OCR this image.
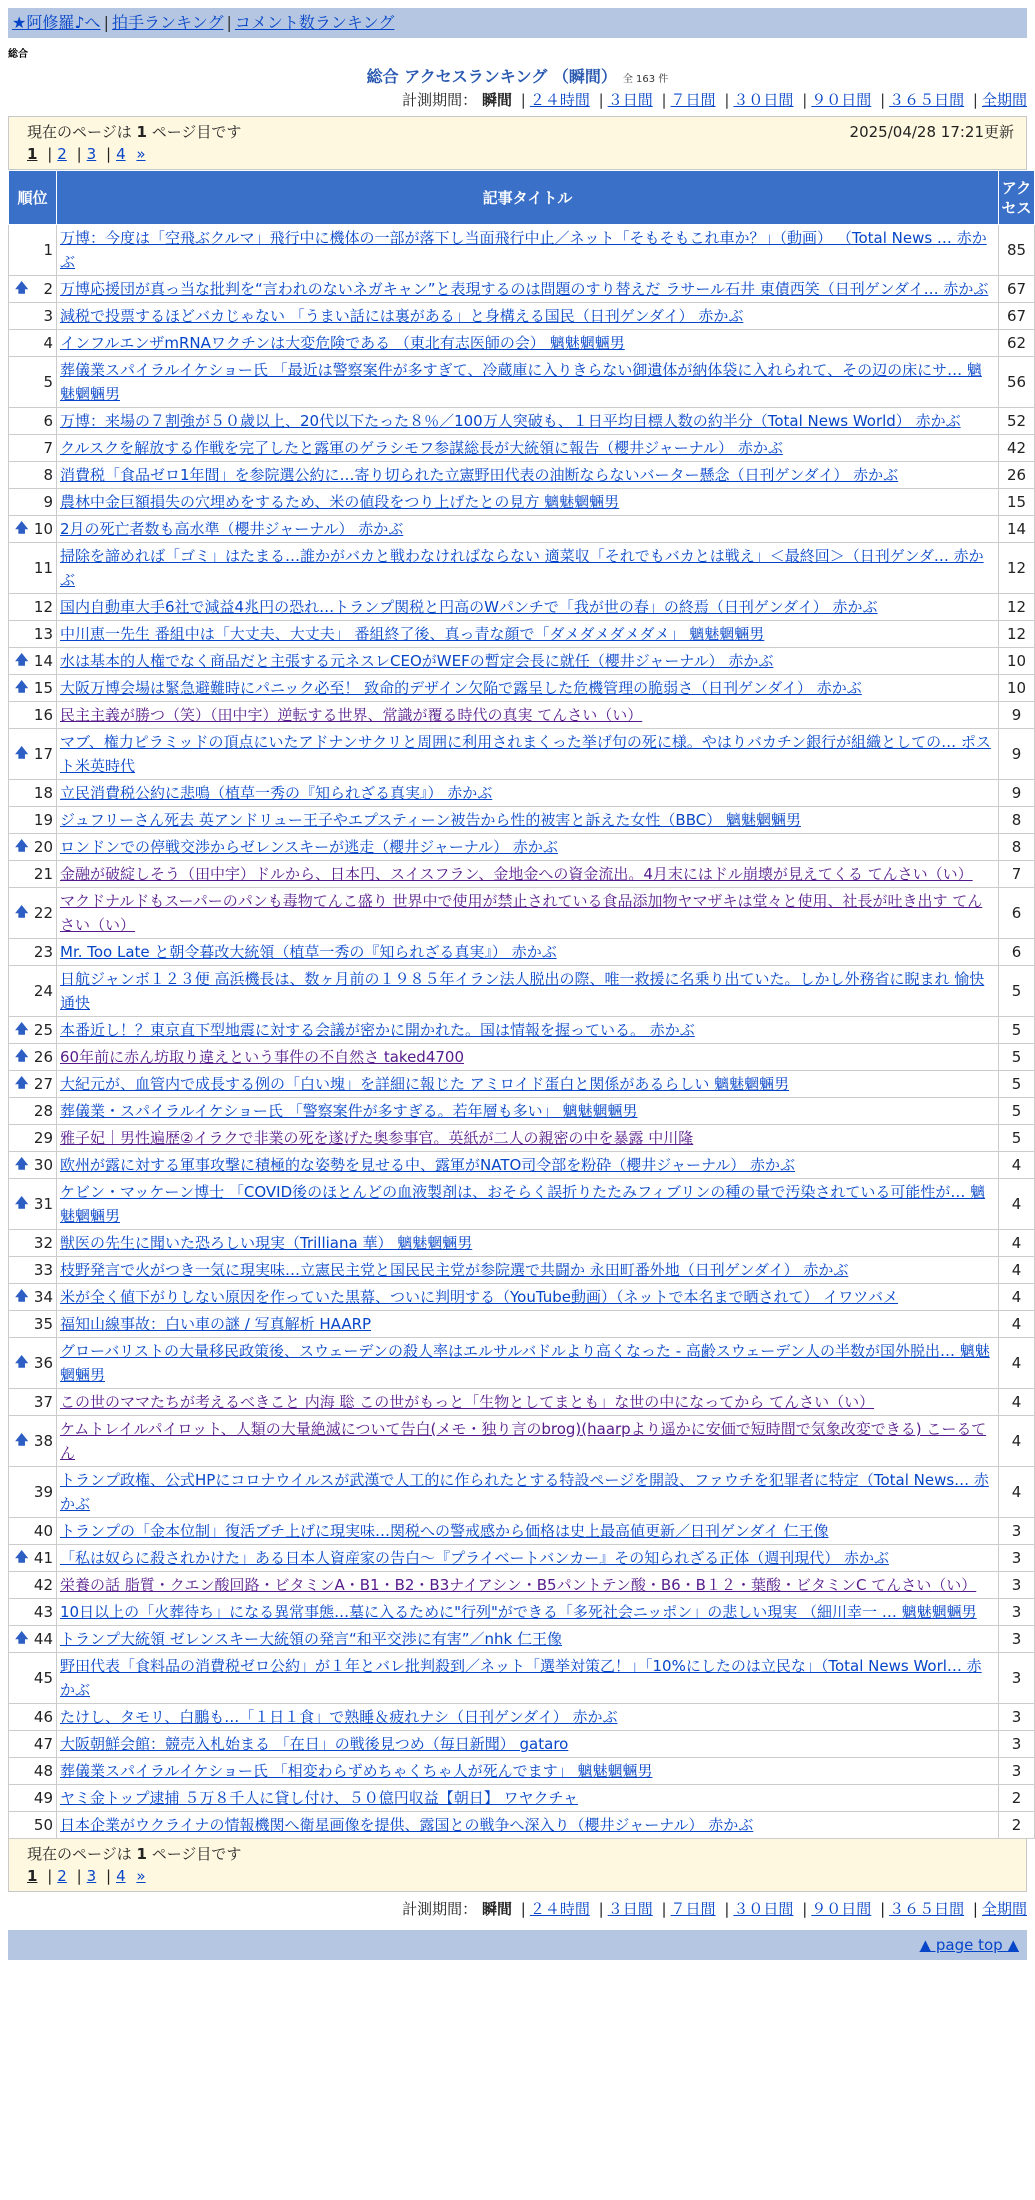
★阿修羅♪へ | 拍手ランキング | コメント数ランキング
総合
総合 アクセスランキング （瞬間） 全 163 件
計測期間： 瞬間 | ２４時間 | ３日間 | ７日間 | ３０日間 | ９０日間 | ３６５日間 | 全期間
現在のページは 1 ページ目です	2025/04/28 17:21更新
1 | 2 | 3 | 4 »
順位	記事タイトル	アクセス
1	万博：今度は「空飛ぶクルマ」飛行中に機体の一部が落下し当面飛行中止／ネット「そもそもこれ車か？」（動画） （Total News … 赤かぶ	85

🡅 2	万博応援団が真っ当な批判を“言われのないネガキャン”と表現するのは問題のすり替えだ ラサール石井 東債西笑（日刊ゲンダイ… 赤かぶ	67
3	減税で投票するほどバカじゃない 「うまい話には裏がある」と身構える国民（日刊ゲンダイ） 赤かぶ	67
4	インフルエンザmRNAワクチンは大変危険である （東北有志医師の会） 魑魅魍魎男	62
5	葬儀業スパイラルイケショー氏 「最近は警察案件が多すぎて、冷蔵庫に入りきらない御遺体が納体袋に入れられて、その辺の床にサ… 魑魅魍魎男	56
6	万博：来場の７割強が５０歳以上、20代以下たった８％／100万人突破も、１日平均目標人数の約半分（Total News World） 赤かぶ	52
7	クルスクを解放する作戦を完了したと露軍のゲラシモフ参謀総長が大統領に報告（櫻井ジャーナル） 赤かぶ	42
8	消費税「食品ゼロ1年間」を参院選公約に…寄り切られた立憲野田代表の油断ならないバーター懸念（日刊ゲンダイ） 赤かぶ	26
9	農林中金巨額損失の穴埋めをするため、米の値段をつり上げたとの見方 魑魅魍魎男	15

🡅 10	2月の死亡者数も高水準（櫻井ジャーナル） 赤かぶ	14
11	掃除を諦めれば「ゴミ」はたまる…誰かがバカと戦わなければならない 適菜収「それでもバカとは戦え」＜最終回＞（日刊ゲンダ… 赤かぶ	12
12	国内自動車大手6社で減益4兆円の恐れ…トランプ関税と円高のWパンチで「我が世の春」の終焉（日刊ゲンダイ） 赤かぶ	12
13	中川恵一先生 番組中は「大丈夫、大丈夫」 番組終了後、真っ青な顔で「ダメダメダメダメ」 魑魅魍魎男	12

🡅 14	水は基本的人権でなく商品だと主張する元ネスレCEOがWEFの暫定会長に就任（櫻井ジャーナル） 赤かぶ	10

🡅 15	大阪万博会場は緊急避難時にパニック必至！ 致命的デザイン欠陥で露呈した危機管理の脆弱さ（日刊ゲンダイ） 赤かぶ	10
16	民主主義が勝つ（笑）（田中宇）逆転する世界、常識が覆る時代の真実 てんさい（い）	9

🡅 17	マブ、権力ピラミッドの頂点にいたアドナンサクリと周囲に利用されまくった挙げ句の死に様。やはりバカチン銀行が組織としての… ポスト米英時代	9
18	立民消費税公約に悲鳴（植草一秀の『知られざる真実』） 赤かぶ	9
19	ジュフリーさん死去 英アンドリュー王子やエプスティーン被告から性的被害と訴えた女性（BBC） 魑魅魍魎男	8

🡅 20	ロンドンでの停戦交渉からゼレンスキーが逃走（櫻井ジャーナル） 赤かぶ	8
21	金融が破綻しそう（田中宇）ドルから、日本円、スイスフラン、金地金への資金流出。4月末にはドル崩壊が見えてくる てんさい（い）	7

🡅 22	マクドナルドもスーパーのパンも毒物てんこ盛り 世界中で使用が禁止されている食品添加物ヤマザキは堂々と使用、社長が吐き出す てんさい（い）	6
23	Mr. Too Late と朝令暮改大統領（植草一秀の『知られざる真実』） 赤かぶ	6
24	日航ジャンボ１２３便 高浜機長は、数ヶ月前の１９８５年イラン法人脱出の際、唯一救援に名乗り出ていた。しかし外務省に睨まれ 愉快通快	5

🡅 25	本番近し！？東京直下型地震に対する会議が密かに開かれた。国は情報を握っている。 赤かぶ	5

🡅 26	60年前に赤ん坊取り違えという事件の不自然さ taked4700	5

🡅 27	大紀元が、血管内で成長する例の「白い塊」を詳細に報じた アミロイド蛋白と関係があるらしい 魑魅魍魎男	5
28	葬儀業・スパイラルイケショー氏 「警察案件が多すぎる。若年層も多い」 魑魅魍魎男	5
29	雅子妃｜男性遍歴②イラクで非業の死を遂げた奥参事官。英紙が二人の親密の中を暴露 中川隆	5

🡅 30	欧州が露に対する軍事攻撃に積極的な姿勢を見せる中、露軍がNATO司令部を粉砕（櫻井ジャーナル） 赤かぶ	4

🡅 31	ケビン・マッケーン博士 「COVID後のほとんどの血液製剤は、おそらく誤折りたたみフィブリンの種の量で汚染されている可能性が… 魑魅魍魎男	4
32	獣医の先生に聞いた恐ろしい現実（Trilliana 華） 魑魅魍魎男	4
33	枝野発言で火がつき一気に現実味…立憲民主党と国民民主党が参院選で共闘か 永田町番外地（日刊ゲンダイ） 赤かぶ	4

🡅 34	米が全く値下がりしない原因を作っていた黒幕、ついに判明する（YouTube動画）（ネットで本名まで晒されて） イワツバメ	4
35	福知山線事故：白い車の謎 / 写真解析 HAARP	4

🡅 36	グローバリストの大量移民政策後、スウェーデンの殺人率はエルサルバドルより高くなった - 高齢スウェーデン人の半数が国外脱出… 魑魅魍魎男	4
37	この世のママたちが考えるべきこと 内海 聡 この世がもっと「生物としてまとも」な世の中になってから てんさい（い）	4

🡅 38	ケムトレイルパイロット、人類の大量絶滅について告白(メモ・独り言のbrog)(haarpより遥かに安価で短時間で気象改変できる) こーるてん	4
39	トランプ政権、公式HPにコロナウイルスが武漢で人工的に作られたとする特設ページを開設、ファウチを犯罪者に特定（Total News… 赤かぶ	4
40	トランプの「金本位制」復活ブチ上げに現実味…関税への警戒感から価格は史上最高値更新／日刊ゲンダイ 仁王像	3

🡅 41	「私は奴らに殺されかけた」ある日本人資産家の告白～『プライベートバンカー』その知られざる正体（週刊現代） 赤かぶ	3
42	栄養の話 脂質・クエン酸回路・ビタミンA・B1・B2・B3ナイアシン・B5パントテン酸・B6・B１２・葉酸・ビタミンC てんさい（い）	3
43	10日以上の「火葬待ち」になる異常事態…墓に入るために"行列"ができる「多死社会ニッポン」の悲しい現実 （細川幸一 … 魑魅魍魎男	3

🡅 44	トランプ大統領 ゼレンスキー大統領の発言“和平交渉に有害”／nhk 仁王像	3
45	野田代表「食料品の消費税ゼロ公約」が１年とバレ批判殺到／ネット「選挙対策乙！」「10%にしたのは立民な」（Total News Worl… 赤かぶ	3
46	たけし、タモリ、白鵬も…「１日１食」で熟睡＆疲れナシ（日刊ゲンダイ） 赤かぶ	3
47	大阪朝鮮会館：競売入札始まる 「在日」の戦後見つめ（毎日新聞） gataro	3
48	葬儀業スパイラルイケショー氏 「相変わらずめちゃくちゃ人が死んでます」 魑魅魍魎男	3
49	ヤミ金トップ逮捕 ５万８千人に貸し付け、５０億円収益【朝日】 ワヤクチャ	2
50	日本企業がウクライナの情報機関へ衛星画像を提供、露国との戦争へ深入り（櫻井ジャーナル） 赤かぶ	2
現在のページは 1 ページ目です
1 | 2 | 3 | 4 »
計測期間： 瞬間 | ２４時間 | ３日間 | ７日間 | ３０日間 | ９０日間 | ３６５日間 | 全期間
▲ page top ▲
